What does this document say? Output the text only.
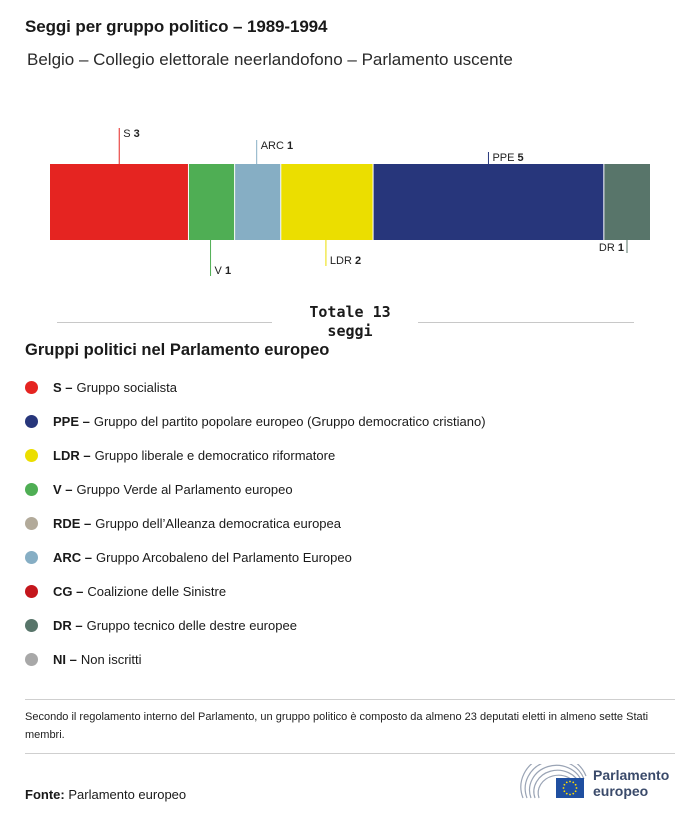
Seggi per gruppo politico – 1989-1994
Belgio – Collegio elettorale neerlandofono – Parlamento uscente
S 3
V 1
ARC 1
LDR 2
PPE 5
DR 1
Totale 13
seggi
Gruppi politici nel Parlamento europeo
S – Gruppo socialista
PPE – Gruppo del partito popolare europeo (Gruppo democratico cristiano)
LDR – Gruppo liberale e democratico riformatore
V – Gruppo Verde al Parlamento europeo
RDE – Gruppo dell’Alleanza democratica europea
ARC – Gruppo Arcobaleno del Parlamento Europeo
CG – Coalizione delle Sinistre
DR – Gruppo tecnico delle destre europee
NI – Non iscritti
Secondo il regolamento interno del Parlamento, un gruppo politico è composto da almeno 23 deputati eletti in almeno sette Stati membri.
Fonte: Parlamento europeo
Parlamento
europeo
